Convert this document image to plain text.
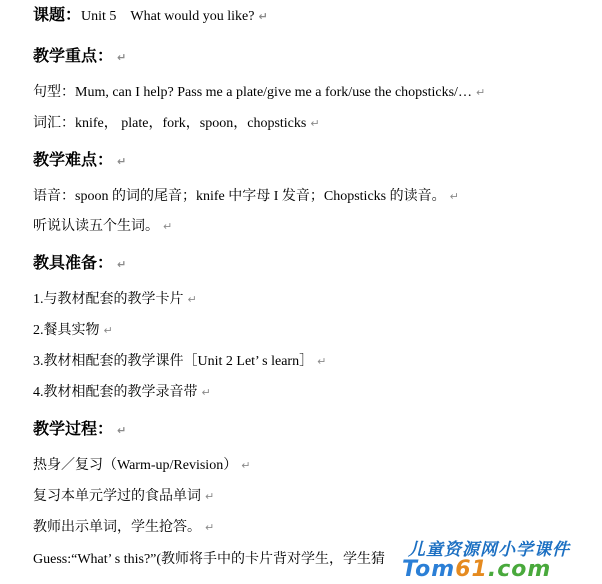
课题：Unit 5 What would you like? ↵
教学重点： ↵
句型：Mum, can I help? Pass me a plate/give me a fork/use the chopsticks/… ↵
词汇：knife， plate，fork，spoon，chopsticks ↵
教学难点： ↵
语音：spoon 的词的尾音；knife 中字母 I 发音；Chopsticks 的读音。 ↵
听说认读五个生词。 ↵
教具准备： ↵
1.与教材配套的教学卡片 ↵
2.餐具实物 ↵
3.教材相配套的教学课件［Unit 2 Let’ s learn］ ↵
4.教材相配套的教学录音带 ↵
教学过程： ↵
热身／复习（Warm-up/Revision） ↵
复习本单元学过的食品单词 ↵
教师出示单词，学生抢答。 ↵
Guess:“What’ s this?”(教师将手中的卡片背对学生，学生猜 儿童资源网小学课件
Tom61.com
